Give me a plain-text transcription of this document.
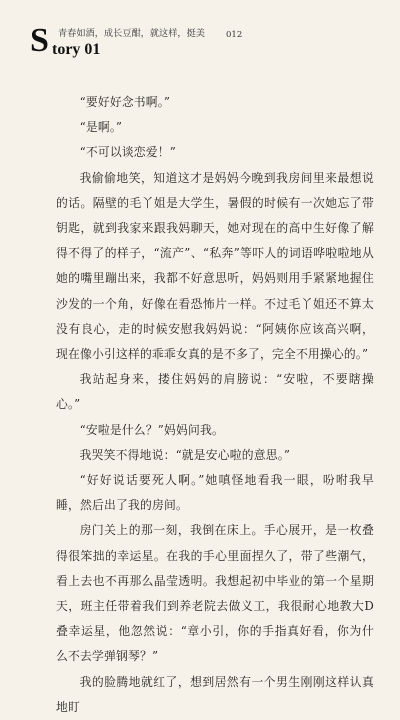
S tory 01
青春如酒，成长豆酣，就这样，挺美 012

“要好好念书啊。”

“是啊。”

“不可以谈恋爱！”

我偷偷地笑，知道这才是妈妈今晚到我房间里来最想说的话。隔壁的毛丫姐是大学生，暑假的时候有一次她忘了带钥匙，就到我家来跟我妈聊天，她对现在的高中生好像了解得不得了的样子，“流产”、“私奔”等吓人的词语哗啦啦地从她的嘴里蹦出来，我都不好意思听，妈妈则用手紧紧地握住沙发的一个角，好像在看恐怖片一样。不过毛丫姐还不算太没有良心，走的时候安慰我妈妈说：“阿姨你应该高兴啊，现在像小引这样的乖乖女真的是不多了，完全不用操心的。”

我站起身来，搂住妈妈的肩膀说：“安啦，不要瞎操心。”

“安啦是什么？”妈妈问我。

我哭笑不得地说：“就是安心啦的意思。”

“好好说话要死人啊。”她嗔怪地看我一眼，吩咐我早睡，然后出了我的房间。

房门关上的那一刻，我倒在床上。手心展开，是一枚叠得很笨拙的幸运星。在我的手心里面捏久了，带了些潮气，看上去也不再那么晶莹透明。我想起初中毕业的第一个星期天，班主任带着我们到养老院去做义工，我很耐心地教大D叠幸运星，他忽然说：“章小引，你的手指真好看，你为什么不去学弹钢琴？”

我的脸腾地就红了，想到居然有一个男生刚刚这样认真地盯
